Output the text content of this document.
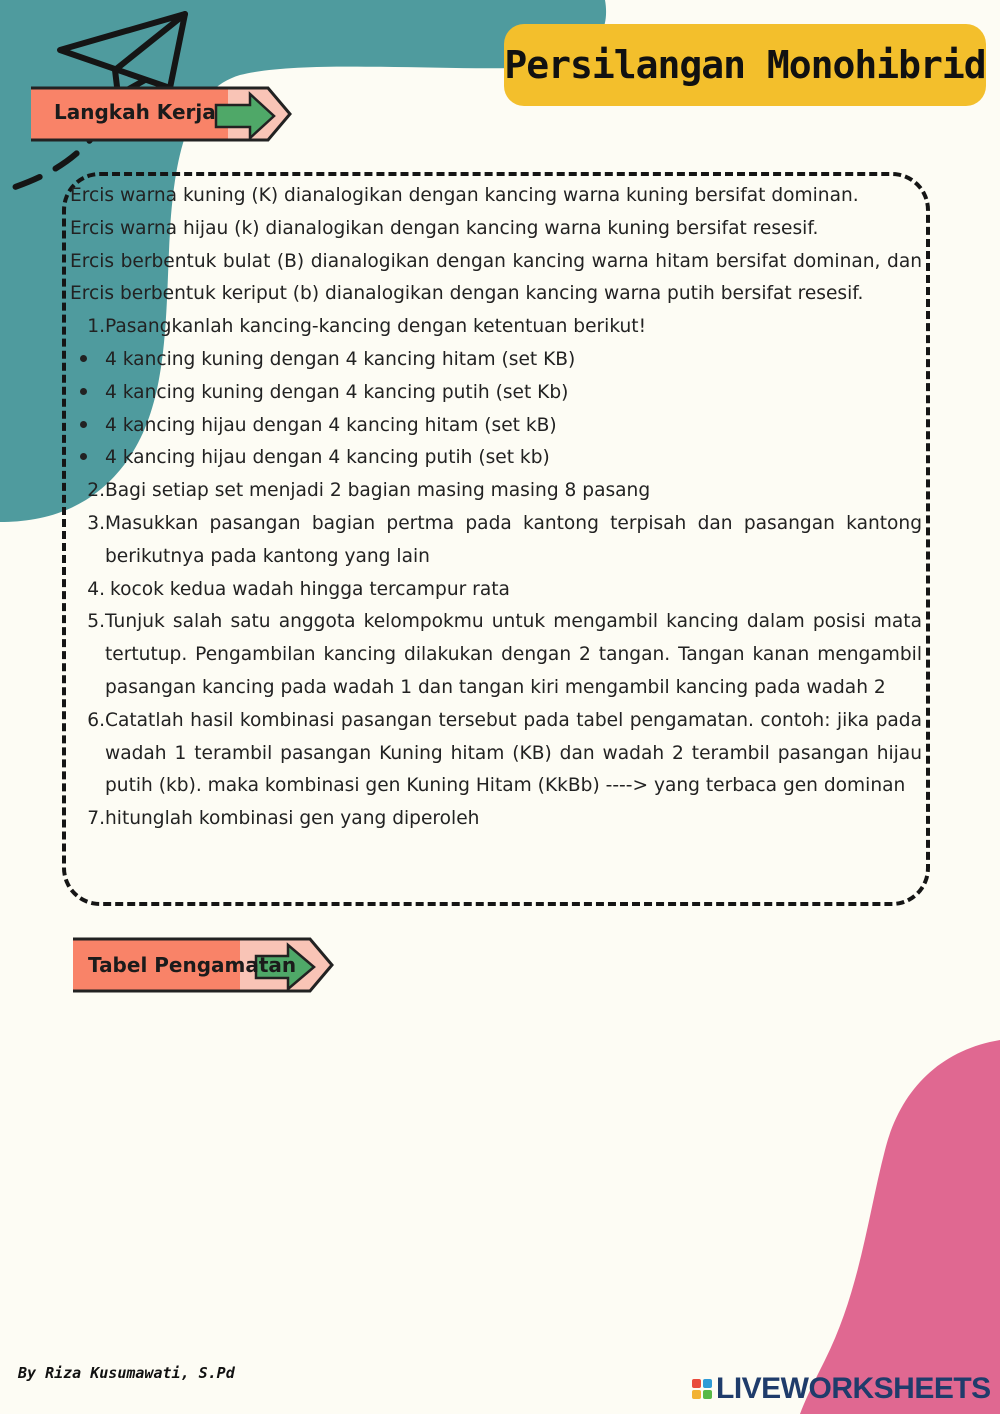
Persilangan Monohibrid
Langkah Kerja

Ercis warna kuning (K) dianalogikan dengan kancing warna kuning bersifat dominan.

Ercis warna hijau (k) dianalogikan dengan kancing warna kuning bersifat resesif.

Ercis berbentuk bulat (B) dianalogikan dengan kancing warna hitam bersifat dominan, dan Ercis berbentuk keriput (b) dianalogikan dengan kancing warna putih bersifat resesif.

1. Pasangkanlah kancing-kancing dengan ketentuan berikut!
4 kancing kuning dengan 4 kancing hitam (set KB)
4 kancing kuning dengan 4 kancing putih (set Kb)
4 kancing hijau dengan 4 kancing hitam (set kB)
4 kancing hijau dengan 4 kancing putih (set kb)
2. Bagi setiap set menjadi 2 bagian masing masing 8 pasang
3. Masukkan pasangan bagian pertma pada kantong terpisah dan pasangan kantong berikutnya pada kantong yang lain
4. kocok kedua wadah hingga tercampur rata
5. Tunjuk salah satu anggota kelompokmu untuk mengambil kancing dalam posisi mata tertutup. Pengambilan kancing dilakukan dengan 2 tangan. Tangan kanan mengambil pasangan kancing pada wadah 1 dan tangan kiri mengambil kancing pada wadah 2
6. Catatlah hasil kombinasi pasangan tersebut pada tabel pengamatan. contoh: jika pada wadah 1 terambil pasangan Kuning hitam (KB) dan wadah 2 terambil pasangan hijau putih (kb). maka kombinasi gen Kuning Hitam (KkBb) ----> yang terbaca gen dominan
7. hitunglah kombinasi gen yang diperoleh
Tabel Pengamatan
By Riza Kusumawati, S.Pd	LIVEWORKSHEETS
